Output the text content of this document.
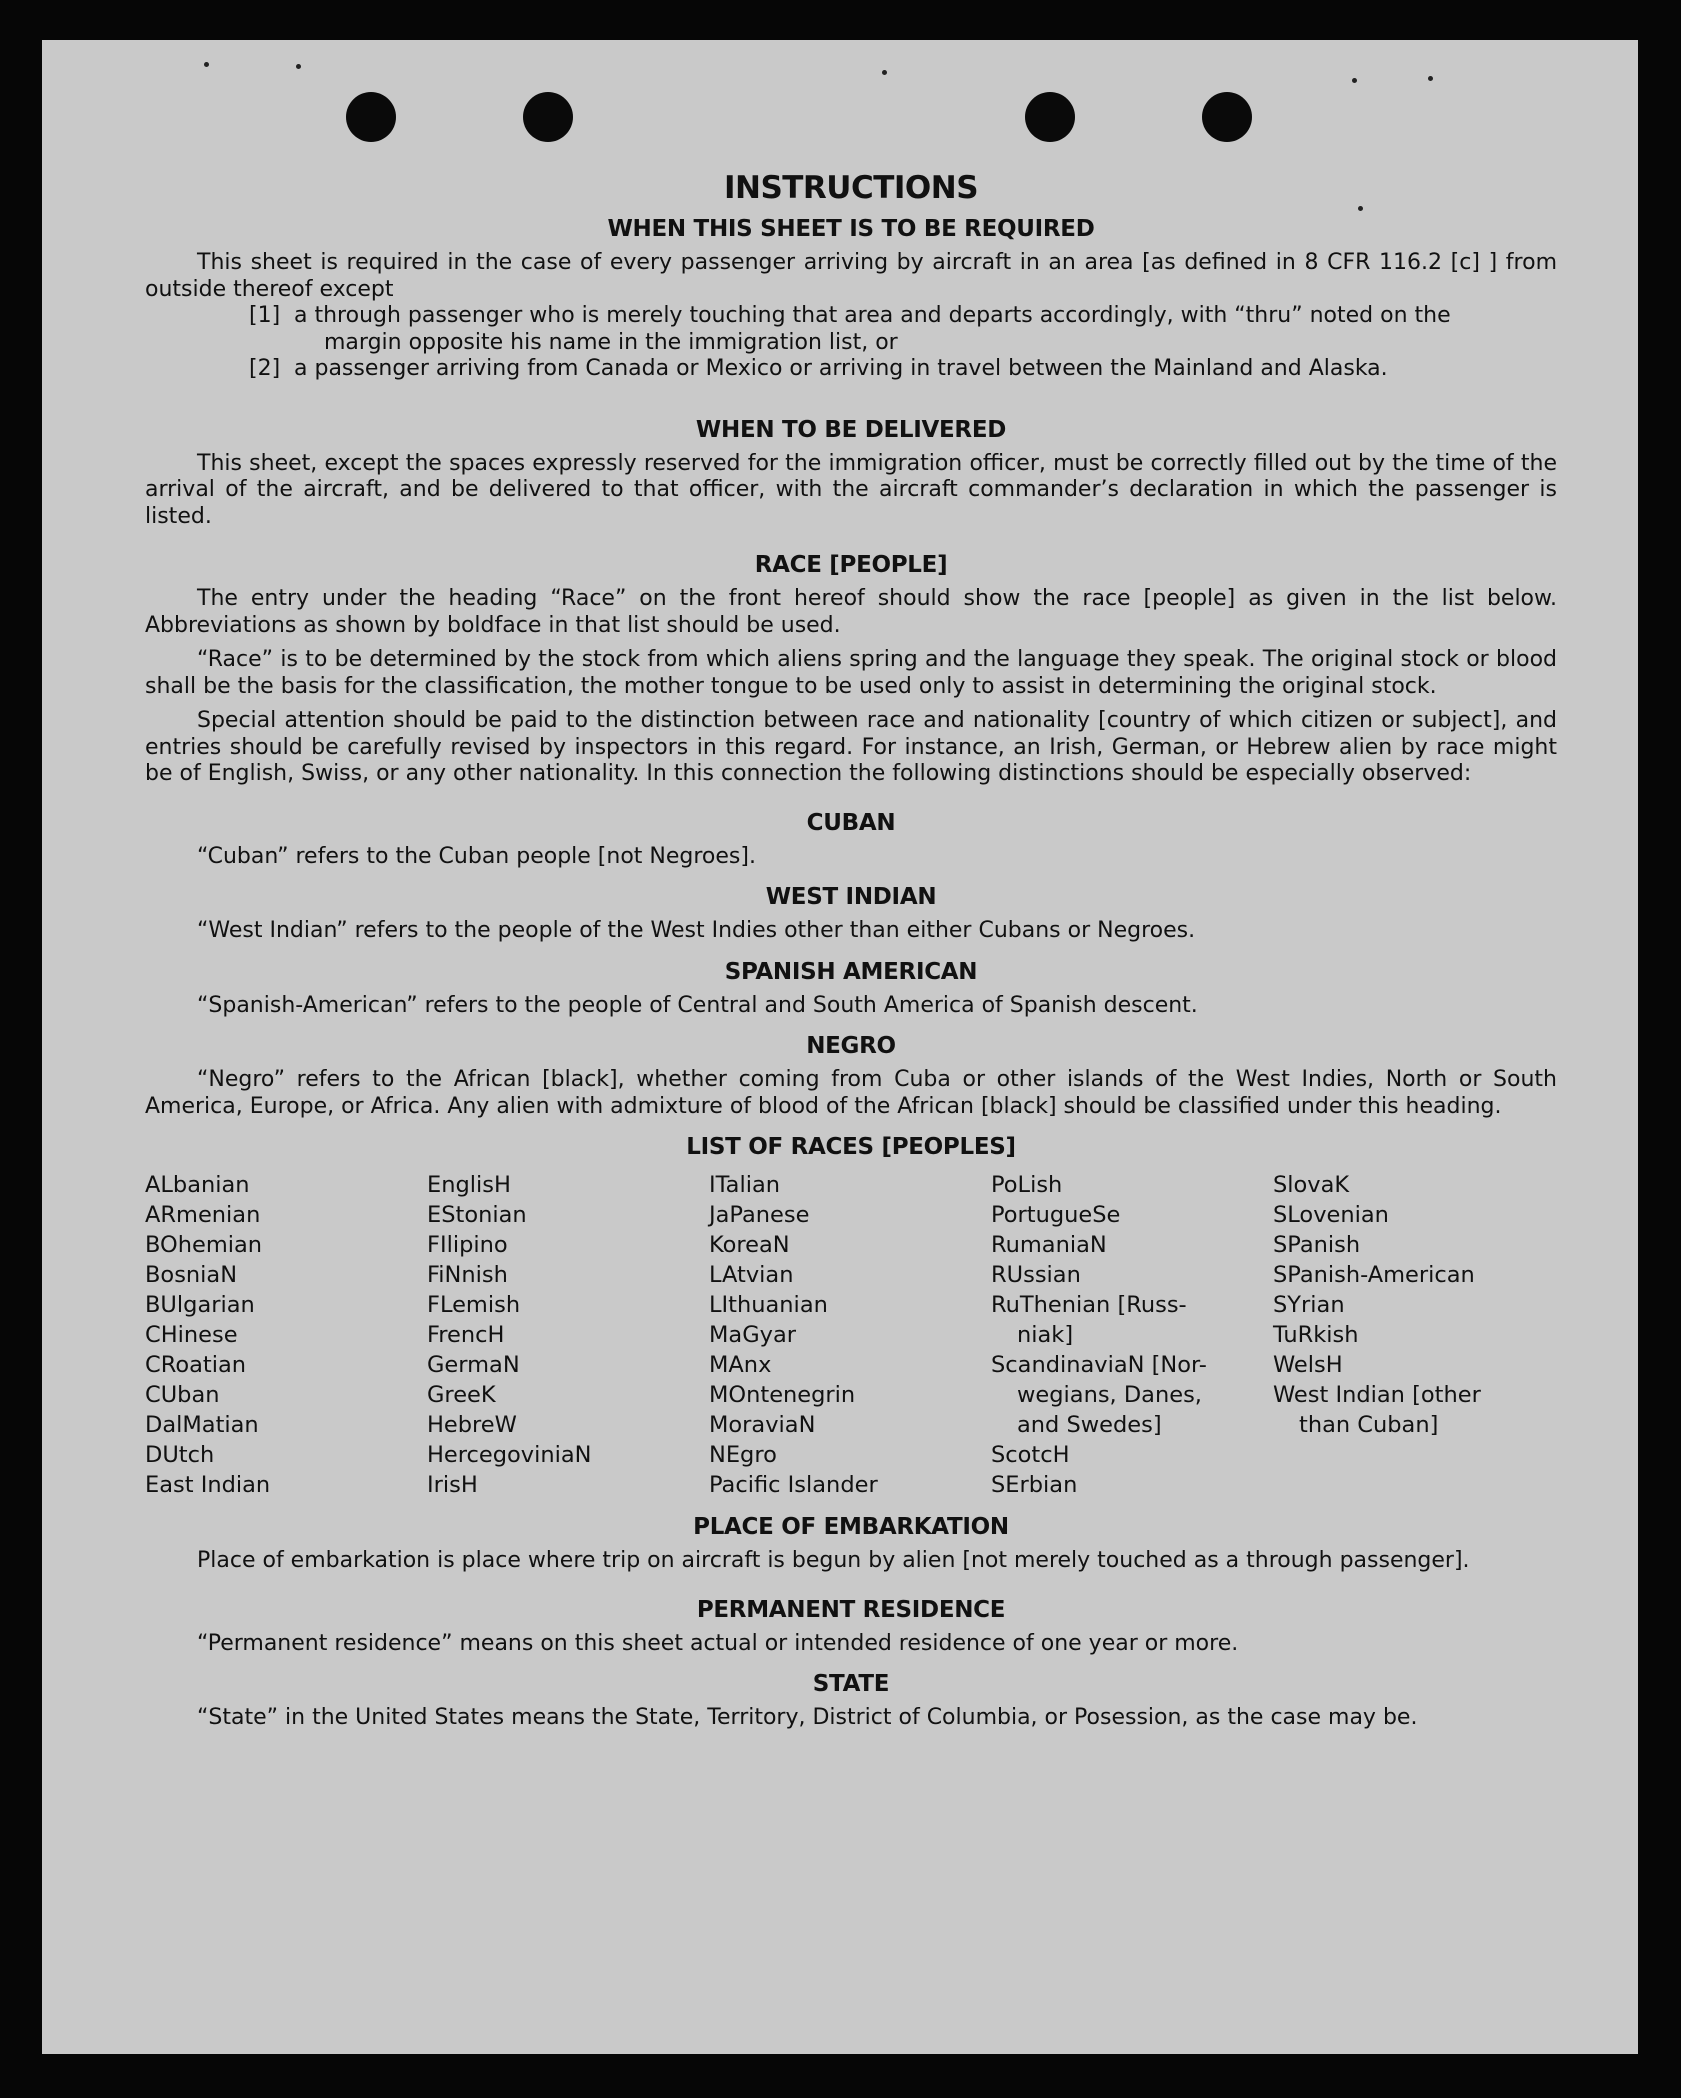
INSTRUCTIONS
WHEN THIS SHEET IS TO BE REQUIRED

This sheet is required in the case of every passenger arriving by aircraft in an area [as defined in 8 CFR 116.2 [c] ] from outside thereof except

[1] a through passenger who is merely touching that area and departs accordingly, with “thru” noted on the
margin opposite his name in the immigration list, or
[2] a passenger arriving from Canada or Mexico or arriving in travel between the Mainland and Alaska.
WHEN TO BE DELIVERED

This sheet, except the spaces expressly reserved for the immigration officer, must be correctly filled out by the time of the arrival of the aircraft, and be delivered to that officer, with the aircraft commander’s declaration in which the passenger is listed.

RACE [PEOPLE]

The entry under the heading “Race” on the front hereof should show the race [people] as given in the list below. Abbreviations as shown by boldface in that list should be used.

“Race” is to be determined by the stock from which aliens spring and the language they speak. The original stock or blood shall be the basis for the classification, the mother tongue to be used only to assist in determining the original stock.

Special attention should be paid to the distinction between race and nationality [country of which citizen or subject], and entries should be carefully revised by inspectors in this regard. For instance, an Irish, German, or Hebrew alien by race might be of English, Swiss, or any other nationality. In this connection the following distinctions should be especially observed:

CUBAN

“Cuban” refers to the Cuban people [not Negroes].

WEST INDIAN

“West Indian” refers to the people of the West Indies other than either Cubans or Negroes.

SPANISH AMERICAN

“Spanish-American” refers to the people of Central and South America of Spanish descent.

NEGRO

“Negro” refers to the African [black], whether coming from Cuba or other islands of the West Indies, North or South America, Europe, or Africa. Any alien with admixture of blood of the African [black] should be classified under this heading.

LIST OF RACES [PEOPLES]
ALbanian	EnglisH	ITalian	PoLish	SlovaK
ARmenian	EStonian	JaPanese	PortugueSe	SLovenian
BOhemian	FIlipino	KoreaN	RumaniaN	SPanish
BosniaN	FiNnish	LAtvian	RUssian	SPanish-American
BUlgarian	FLemish	LIthuanian	RuThenian [Russ-	SYrian
CHinese	FrencH	MaGyar	niak]	TuRkish
CRoatian	GermaN	MAnx	ScandinaviaN [Nor-	WelsH
CUban	GreeK	MOntenegrin	wegians, Danes,	West Indian [other
DalMatian	HebreW	MoraviaN	and Swedes]	than Cuban]
DUtch	HercegoviniaN	NEgro	ScotcH
East Indian	IrisH	Pacific Islander	SErbian
PLACE OF EMBARKATION

Place of embarkation is place where trip on aircraft is begun by alien [not merely touched as a through passenger].

PERMANENT RESIDENCE

“Permanent residence” means on this sheet actual or intended residence of one year or more.

STATE

“State” in the United States means the State, Territory, District of Columbia, or Posession, as the case may be.
